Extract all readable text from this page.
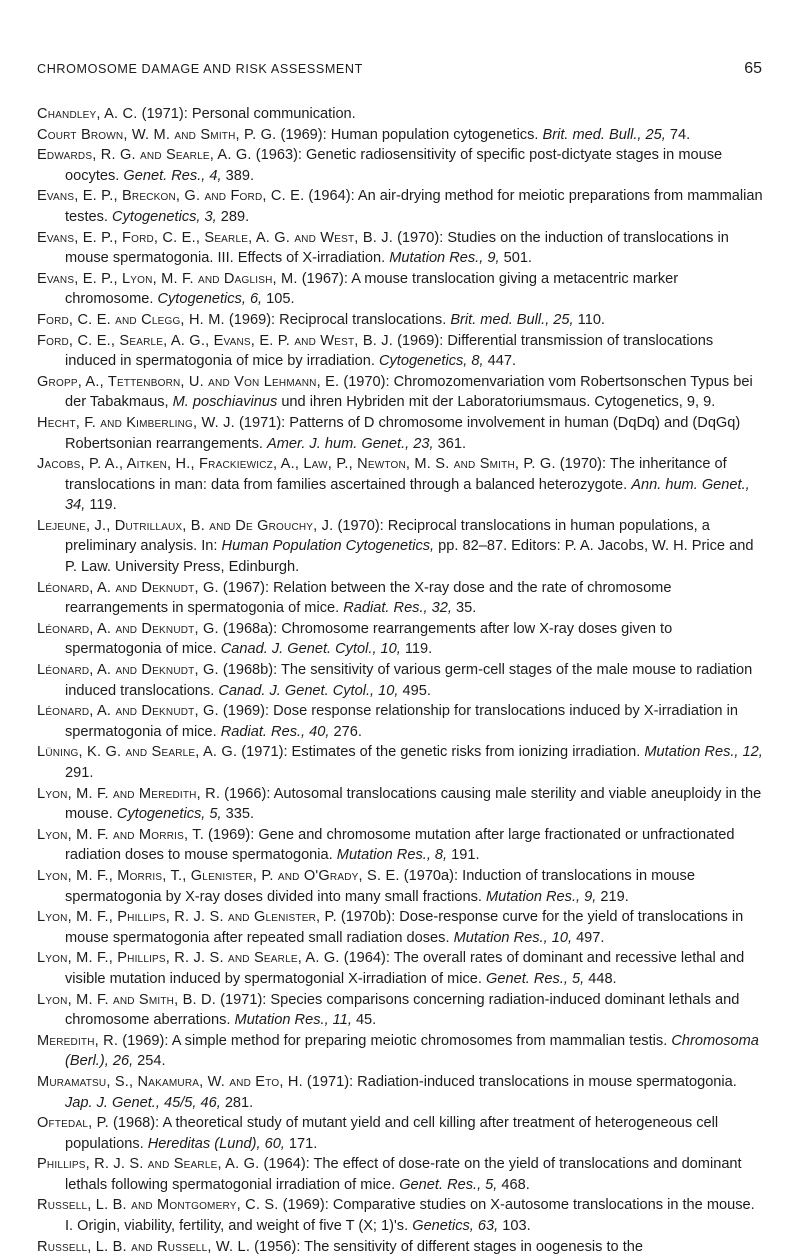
CHROMOSOME DAMAGE AND RISK ASSESSMENT	65
Chandley, A. C. (1971): Personal communication.
Court Brown, W. M. and Smith, P. G. (1969): Human population cytogenetics. Brit. med. Bull., 25, 74.
Edwards, R. G. and Searle, A. G. (1963): Genetic radiosensitivity of specific post-dictyate stages in mouse oocytes. Genet. Res., 4, 389.
Evans, E. P., Breckon, G. and Ford, C. E. (1964): An air-drying method for meiotic preparations from mammalian testes. Cytogenetics, 3, 289.
Evans, E. P., Ford, C. E., Searle, A. G. and West, B. J. (1970): Studies on the induction of translocations in mouse spermatogonia. III. Effects of X-irradiation. Mutation Res., 9, 501.
Evans, E. P., Lyon, M. F. and Daglish, M. (1967): A mouse translocation giving a metacentric marker chromosome. Cytogenetics, 6, 105.
Ford, C. E. and Clegg, H. M. (1969): Reciprocal translocations. Brit. med. Bull., 25, 110.
Ford, C. E., Searle, A. G., Evans, E. P. and West, B. J. (1969): Differential transmission of translocations induced in spermatogonia of mice by irradiation. Cytogenetics, 8, 447.
Gropp, A., Tettenborn, U. and Von Lehmann, E. (1970): Chromozomenvariation vom Robertsonschen Typus bei der Tabakmaus, M. poschiavinus und ihren Hybriden mit der Laboratoriumsmaus. Cytogenetics, 9, 9.
Hecht, F. and Kimberling, W. J. (1971): Patterns of D chromosome involvement in human (DqDq) and (DqGq) Robertsonian rearrangements. Amer. J. hum. Genet., 23, 361.
Jacobs, P. A., Aitken, H., Frackiewicz, A., Law, P., Newton, M. S. and Smith, P. G. (1970): The inheritance of translocations in man: data from families ascertained through a balanced heterozygote. Ann. hum. Genet., 34, 119.
Lejeune, J., Dutrillaux, B. and De Grouchy, J. (1970): Reciprocal translocations in human populations, a preliminary analysis. In: Human Population Cytogenetics, pp. 82–87. Editors: P. A. Jacobs, W. H. Price and P. Law. University Press, Edinburgh.
Léonard, A. and Deknudt, G. (1967): Relation between the X-ray dose and the rate of chromosome rearrangements in spermatogonia of mice. Radiat. Res., 32, 35.
Léonard, A. and Deknudt, G. (1968a): Chromosome rearrangements after low X-ray doses given to spermatogonia of mice. Canad. J. Genet. Cytol., 10, 119.
Léonard, A. and Deknudt, G. (1968b): The sensitivity of various germ-cell stages of the male mouse to radiation induced translocations. Canad. J. Genet. Cytol., 10, 495.
Léonard, A. and Deknudt, G. (1969): Dose response relationship for translocations induced by X-irradiation in spermatogonia of mice. Radiat. Res., 40, 276.
Lüning, K. G. and Searle, A. G. (1971): Estimates of the genetic risks from ionizing irradiation. Mutation Res., 12, 291.
Lyon, M. F. and Meredith, R. (1966): Autosomal translocations causing male sterility and viable aneuploidy in the mouse. Cytogenetics, 5, 335.
Lyon, M. F. and Morris, T. (1969): Gene and chromosome mutation after large fractionated or unfractionated radiation doses to mouse spermatogonia. Mutation Res., 8, 191.
Lyon, M. F., Morris, T., Glenister, P. and O'Grady, S. E. (1970a): Induction of translocations in mouse spermatogonia by X-ray doses divided into many small fractions. Mutation Res., 9, 219.
Lyon, M. F., Phillips, R. J. S. and Glenister, P. (1970b): Dose-response curve for the yield of translocations in mouse spermatogonia after repeated small radiation doses. Mutation Res., 10, 497.
Lyon, M. F., Phillips, R. J. S. and Searle, A. G. (1964): The overall rates of dominant and recessive lethal and visible mutation induced by spermatogonial X-irradiation of mice. Genet. Res., 5, 448.
Lyon, M. F. and Smith, B. D. (1971): Species comparisons concerning radiation-induced dominant lethals and chromosome aberrations. Mutation Res., 11, 45.
Meredith, R. (1969): A simple method for preparing meiotic chromosomes from mammalian testis. Chromosoma (Berl.), 26, 254.
Muramatsu, S., Nakamura, W. and Eto, H. (1971): Radiation-induced translocations in mouse spermatogonia. Jap. J. Genet., 45/5, 46, 281.
Oftedal, P. (1968): A theoretical study of mutant yield and cell killing after treatment of heterogeneous cell populations. Hereditas (Lund), 60, 171.
Phillips, R. J. S. and Searle, A. G. (1964): The effect of dose-rate on the yield of translocations and dominant lethals following spermatogonial irradiation of mice. Genet. Res., 5, 468.
Russell, L. B. and Montgomery, C. S. (1969): Comparative studies on X-autosome translocations in the mouse. I. Origin, viability, fertility, and weight of five T (X; 1)'s. Genetics, 63, 103.
Russell, L. B. and Russell, W. L. (1956): The sensitivity of different stages in oogenesis to the
